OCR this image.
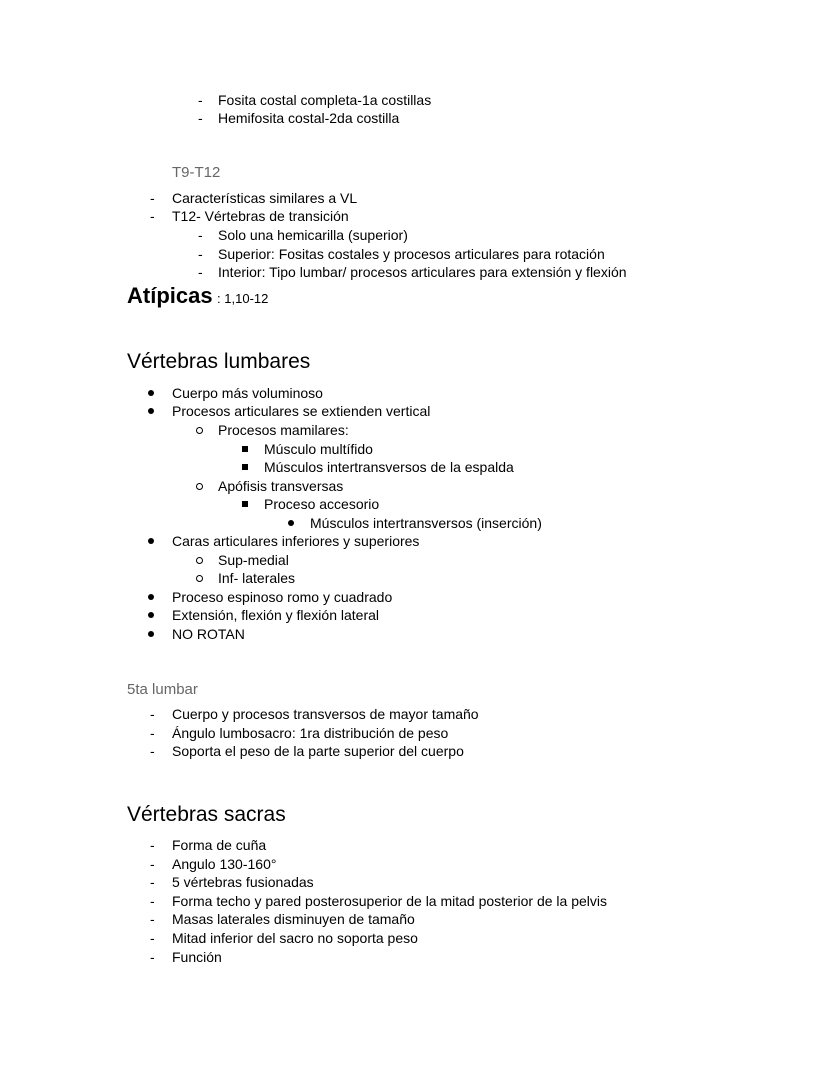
- Fosita costal completa-1a costillas
- Hemifosita costal-2da costilla
- Características similares a VL
- T12- Vértebras de transición
- Solo una hemicarilla (superior)
- Superior: Fositas costales y procesos articulares para rotación
- Interior: Tipo lumbar/ procesos articulares para extensión y flexión
Cuerpo más voluminoso
Procesos articulares se extienden vertical
Procesos mamilares:
Músculo multífido
Músculos intertransversos de la espalda
Apófisis transversas
Proceso accesorio
Músculos intertransversos (inserción)
Caras articulares inferiores y superiores
Sup-medial
Inf- laterales
Proceso espinoso romo y cuadrado
Extensión, flexión y flexión lateral
NO ROTAN
- Cuerpo y procesos transversos de mayor tamaño
- Ángulo lumbosacro: 1ra distribución de peso
- Soporta el peso de la parte superior del cuerpo
- Forma de cuña
- Angulo 130-160°
- 5 vértebras fusionadas
- Forma techo y pared posterosuperior de la mitad posterior de la pelvis
- Masas laterales disminuyen de tamaño
- Mitad inferior del sacro no soporta peso
- Función
T9-T12
Atípicas : 1,10-12
Vértebras lumbares
5ta lumbar
Vértebras sacras
